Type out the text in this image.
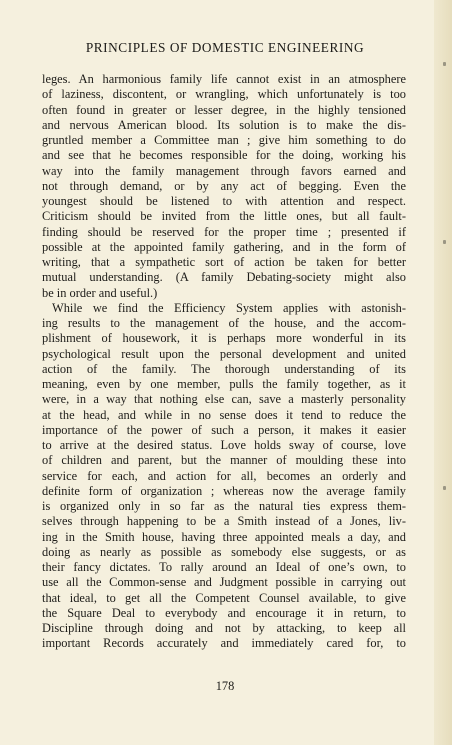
PRINCIPLES OF DOMESTIC ENGINEERING
leges. An harmonious family life cannot exist in an atmosphere
of laziness, discontent, or wrangling, which unfortunately is too
often found in greater or lesser degree, in the highly tensioned
and nervous American blood. Its solution is to make the dis-
gruntled member a Committee man ; give him something to do
and see that he becomes responsible for the doing, working his
way into the family management through favors earned and
not through demand, or by any act of begging. Even the
youngest should be listened to with attention and respect.
Criticism should be invited from the little ones, but all fault-
finding should be reserved for the proper time ; presented if
possible at the appointed family gathering, and in the form of
writing, that a sympathetic sort of action be taken for better
mutual understanding. (A family Debating-society might also
be in order and useful.)
While we find the Efficiency System applies with astonish-
ing results to the management of the house, and the accom-
plishment of housework, it is perhaps more wonderful in its
psychological result upon the personal development and united
action of the family. The thorough understanding of its
meaning, even by one member, pulls the family together, as it
were, in a way that nothing else can, save a masterly personality
at the head, and while in no sense does it tend to reduce the
importance of the power of such a person, it makes it easier
to arrive at the desired status. Love holds sway of course, love
of children and parent, but the manner of moulding these into
service for each, and action for all, becomes an orderly and
definite form of organization ; whereas now the average family
is organized only in so far as the natural ties express them-
selves through happening to be a Smith instead of a Jones, liv-
ing in the Smith house, having three appointed meals a day, and
doing as nearly as possible as somebody else suggests, or as
their fancy dictates. To rally around an Ideal of one’s own, to
use all the Common-sense and Judgment possible in carrying out
that ideal, to get all the Competent Counsel available, to give
the Square Deal to everybody and encourage it in return, to
Discipline through doing and not by attacking, to keep all
important Records accurately and immediately cared for, to
178
